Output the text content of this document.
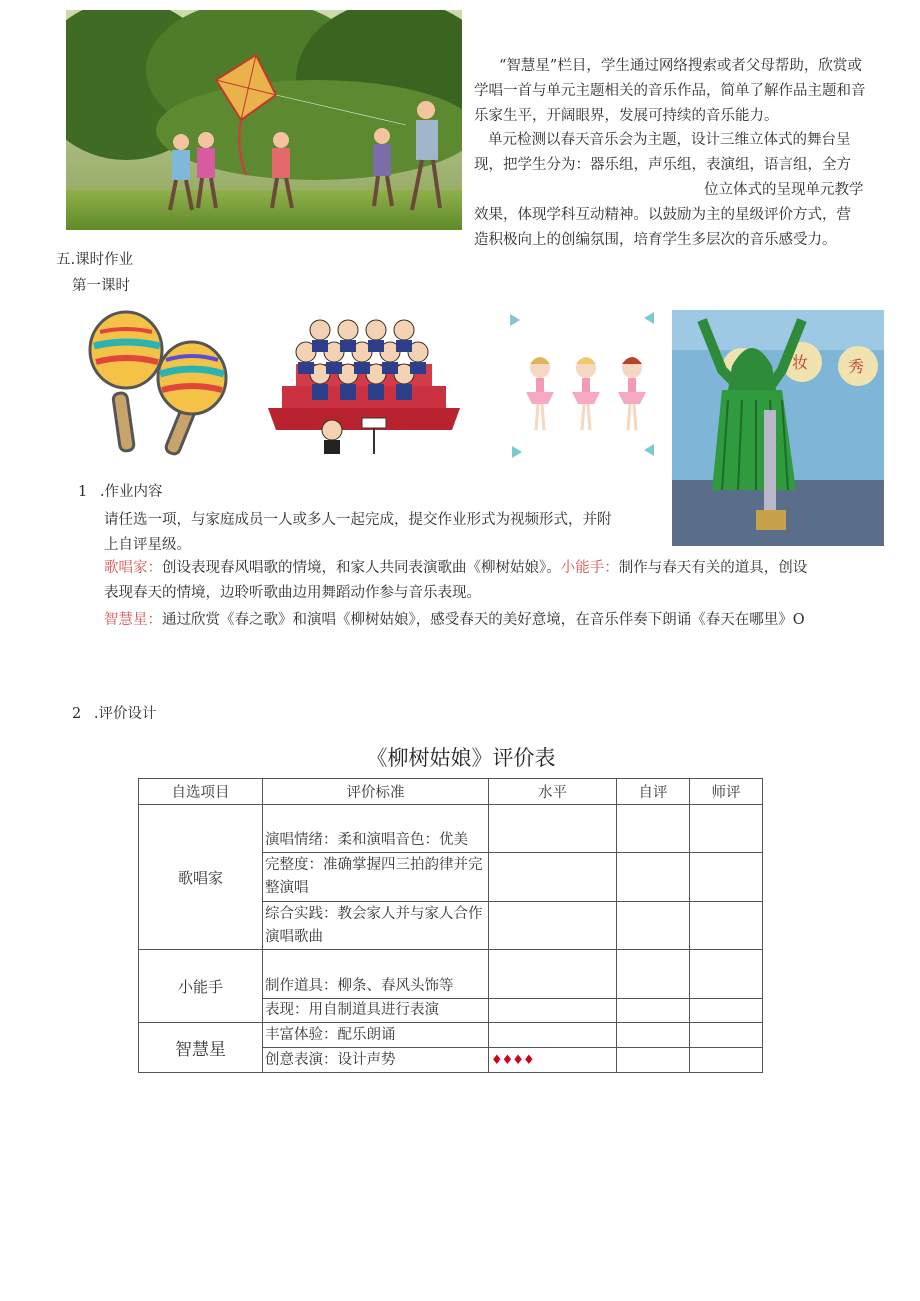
“智慧星”栏目，学生通过网络搜索或者父母帮助，欣赏或学唱一首与单元主题相关的音乐作品，简单了解作品主题和音乐家生平，开阔眼界，发展可持续的音乐能力。
单元检测以春天音乐会为主题，设计三维立体式的舞台呈
现，把学生分为：器乐组，声乐组，表演组，语言组，全方
位立体式的呈现单元教学
效果，体现学科互动精神。以鼓励为主的星级评价方式，营
造积极向上的创编氛围，培育学生多层次的音乐感受力。
五.课时作业
第一课时
妆 秀
1 .作业内容
请任选一项，与家庭成员一人或多人一起完成，提交作业形式为视频形式，并附
上自评星级。
歌唱家：创设表现春风唱歌的情境，和家人共同表演歌曲《柳树姑娘》。小能手：制作与春天有关的道具，创设
表现春天的情境，边聆听歌曲边用舞蹈动作参与音乐表现。
智慧星：通过欣赏《春之歌》和演唱《柳树姑娘》，感受春天的美好意境，在音乐伴奏下朗诵《春天在哪里》O
2 .评价设计
《柳树姑娘》评价表
自选项目	评价标准	水平	自评	师评
歌唱家	演唱情绪：柔和演唱音色：优美			
	完整度：准确掌握四三拍韵律并完整演唱			
	综合实践：教会家人并与家人合作演唱歌曲			
小能手	制作道具：柳条、春风头饰等			
	表现：用自制道具进行表演			
智慧星	丰富体验：配乐朗诵			
	创意表演：设计声势	♦♦♦♦		
